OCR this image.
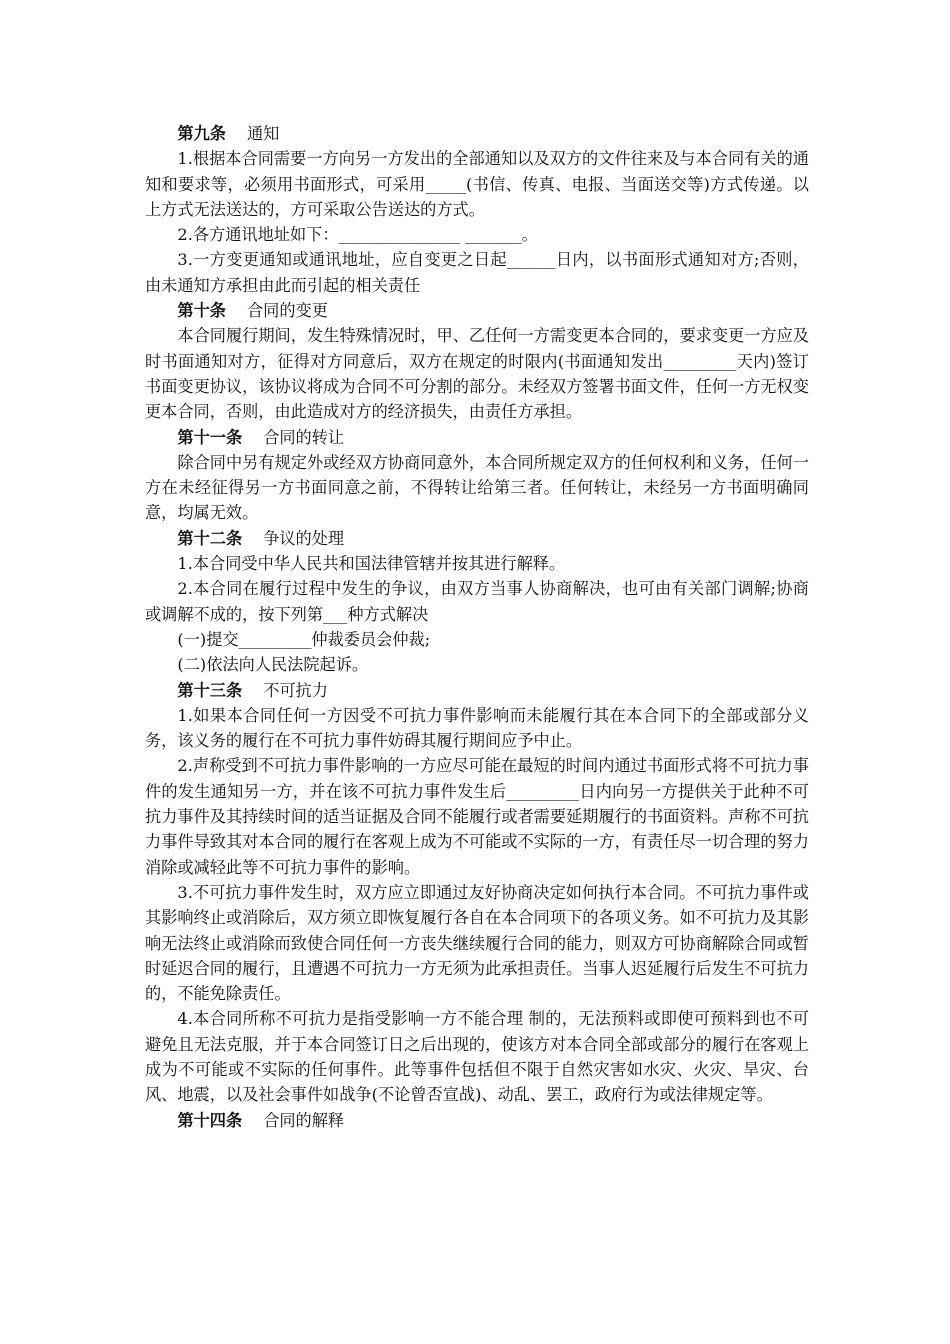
第九条 通知

1.根据本合同需要一方向另一方发出的全部通知以及双方的文件往来及与本合同有关的通知和要求等，必须用书面形式，可采用_____(书信、传真、电报、当面送交等)方式传递。以上方式无法送达的，方可采取公告送达的方式。

2.各方通讯地址如下：_______________ _______。

3.一方变更通知或通讯地址，应自变更之日起______日内，以书面形式通知对方;否则，由未通知方承担由此而引起的相关责任

第十条 合同的变更

本合同履行期间，发生特殊情况时，甲、乙任何一方需变更本合同的，要求变更一方应及时书面通知对方，征得对方同意后，双方在规定的时限内(书面通知发出_________天内)签订书面变更协议，该协议将成为合同不可分割的部分。未经双方签署书面文件，任何一方无权变更本合同，否则，由此造成对方的经济损失，由责任方承担。

第十一条 合同的转让

除合同中另有规定外或经双方协商同意外，本合同所规定双方的任何权利和义务，任何一方在未经征得另一方书面同意之前，不得转让给第三者。任何转让，未经另一方书面明确同意，均属无效。

第十二条 争议的处理

1.本合同受中华人民共和国法律管辖并按其进行解释。

2.本合同在履行过程中发生的争议，由双方当事人协商解决，也可由有关部门调解;协商或调解不成的，按下列第___种方式解决

(一)提交_________仲裁委员会仲裁;

(二)依法向人民法院起诉。

第十三条 不可抗力

1.如果本合同任何一方因受不可抗力事件影响而未能履行其在本合同下的全部或部分义务，该义务的履行在不可抗力事件妨碍其履行期间应予中止。

2.声称受到不可抗力事件影响的一方应尽可能在最短的时间内通过书面形式将不可抗力事件的发生通知另一方，并在该不可抗力事件发生后_________日内向另一方提供关于此种不可抗力事件及其持续时间的适当证据及合同不能履行或者需要延期履行的书面资料。声称不可抗力事件导致其对本合同的履行在客观上成为不可能或不实际的一方，有责任尽一切合理的努力消除或减轻此等不可抗力事件的影响。

3.不可抗力事件发生时，双方应立即通过友好协商决定如何执行本合同。不可抗力事件或其影响终止或消除后，双方须立即恢复履行各自在本合同项下的各项义务。如不可抗力及其影响无法终止或消除而致使合同任何一方丧失继续履行合同的能力，则双方可协商解除合同或暂时延迟合同的履行，且遭遇不可抗力一方无须为此承担责任。当事人迟延履行后发生不可抗力的，不能免除责任。

4.本合同所称不可抗力是指受影响一方不能合理 制的，无法预料或即使可预料到也不可避免且无法克服，并于本合同签订日之后出现的，使该方对本合同全部或部分的履行在客观上成为不可能或不实际的任何事件。此等事件包括但不限于自然灾害如水灾、火灾、旱灾、台风、地震，以及社会事件如战争(不论曾否宣战)、动乱、罢工，政府行为或法律规定等。

第十四条 合同的解释
